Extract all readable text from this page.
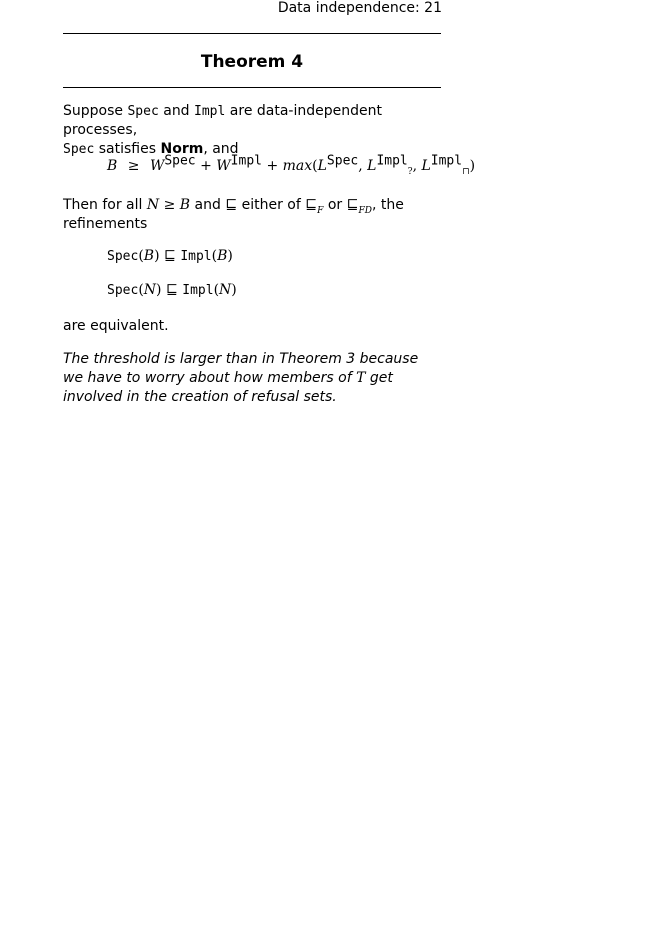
Data independence: 21
Theorem 4
Suppose Spec and Impl are data-independent processes,
Spec satisfies Norm, and
$B \ge W^{Spec} + W^{Impl} + \max(L^{Spec}$, $L^{Impl}_?$, $L^{Impl}_⊓$)
Then for all N ≥ B and ⊑ either of $⊑_F$ or $⊑_{FD}$, the
refinements
Spec(B) ⊑ Impl(B)
Spec(N) ⊑ Impl(N)
are equivalent.
The threshold is larger than in Theorem 3 because we have to worry about how members of T get involved in the creation of refusal sets.
